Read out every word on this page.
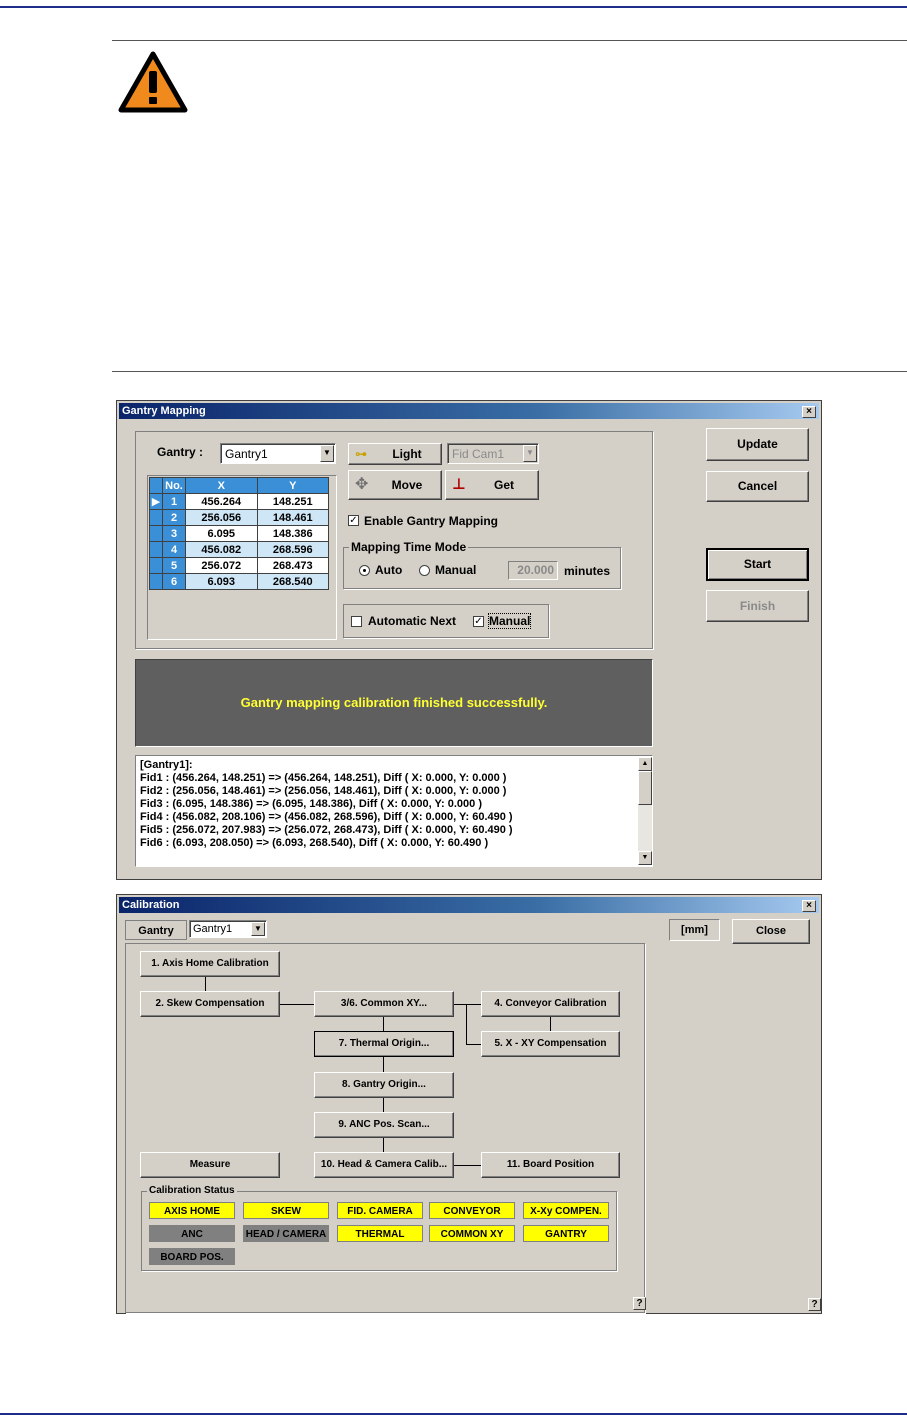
Gantry Mapping	×
Gantry : Gantry1	▼
	No.	X	Y
▶	1	456.264	148.251
	2	256.056	148.461
	3	6.095	148.386
	4	456.082	268.596
	5	256.072	268.473
	6	6.093	268.540
⊶ Light	Fid Cam1	▼
✥ Move	⊥ Get
✓ Enable Gantry Mapping
Mapping Time Mode
Auto	Manual	20.000 minutes
Automatic Next ✓ Manual
Update
Cancel
Start
Finish
Gantry mapping calibration finished successfully.
[Gantry1]:
Fid1 : (456.264, 148.251) => (456.264, 148.251), Diff ( X: 0.000, Y: 0.000 )
Fid2 : (256.056, 148.461) => (256.056, 148.461), Diff ( X: 0.000, Y: 0.000 )
Fid3 : (6.095, 148.386) => (6.095, 148.386), Diff ( X: 0.000, Y: 0.000 )
Fid4 : (456.082, 208.106) => (456.082, 268.596), Diff ( X: 0.000, Y: 60.490 )
Fid5 : (256.072, 207.983) => (256.072, 268.473), Diff ( X: 0.000, Y: 60.490 )
Fid6 : (6.093, 208.050) => (6.093, 268.540), Diff ( X: 0.000, Y: 60.490 )
▲
▼
Calibration	×
Gantry	Gantry1	▼	[mm]	Close
1. Axis Home Calibration
2. Skew Compensation	3/6. Common XY...	4. Conveyor Calibration
7. Thermal Origin...	5. X - XY Compensation
8. Gantry Origin...
9. ANC Pos. Scan...
Measure	10. Head & Camera Calib...	11. Board Position
Calibration Status
AXIS HOME	SKEW	FID. CAMERA	CONVEYOR	X-Xy COMPEN.
ANC	HEAD / CAMERA	THERMAL	COMMON XY	GANTRY
BOARD POS.
?	?
